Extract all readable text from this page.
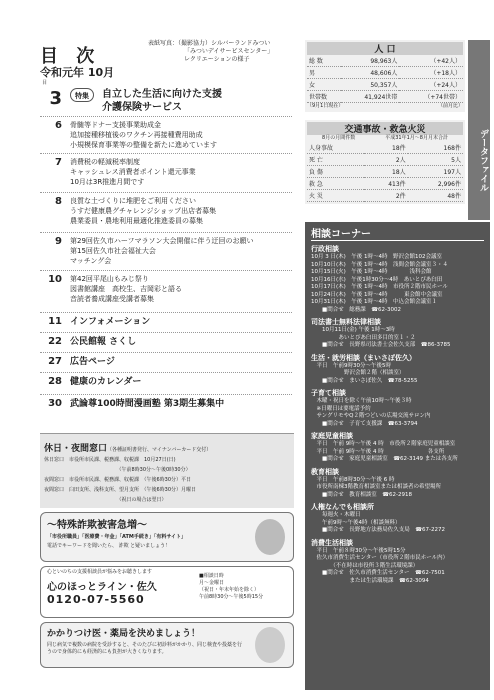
目 次
令和元年 10月
表紙写真：（撮影協力）シルバーランドみつい
「みついデイサービスセンター」
レクリエーションの様子
目
3	特集	自立した生活に向けた支援
介護保険サービス
6	骨髄等ドナー支援事業助成金
追加接種移植後のワクチン再接種費用助成
小規模保育事業等の整備を新たに進めています
7	消費税の軽減税率制度
キャッシュレス消費者ポイント還元事業
10月は3R推進月間です
8	良質な土づくりに堆肥をご利用ください
うすだ健康農グチャレンジショップ出店者募集
農業委員・農地利用最適化推進委員の募集
9	第29回佐久市ハーフマラソン大会開催に伴う迂回のお願い
第15回佐久市社会福祉大会
マッチング会
10	第42回平尾山もみじ祭り
図書館講座　高校生、吉岡彩と語る
音読者養成講座受講者募集
11 インフォメーション
22 公民館報 さくし
27 広告ページ
28 健康のカレンダー
30 武論尊100時間漫画塾 第3期生募集中
休日・夜間窓口（各種証明書発行、マイナンバーカード交付）
休日窓口　市役所市民課、税務課、収税課　10月27日(日)
　　　　　　　　　　　　　　　（午前8時30分〜午後0時30分）
夜間窓口　市役所市民課、税務課、収税課　（午後6時30分）平日
夜間窓口　臼田支所、浅科支所、望月支所　（午後6時30分）月曜日
　　　　　　　　　　　　　　　（祝日の場合は翌日）
〜特殊詐欺被害急増〜
「市役所職員」「医療費・年金」「ATM手続き」「有料サイト」
電話でキーワードを聞いたら、 詐欺 と疑いましょう！
心といのちの支援相談員が悩みをお聴きします
心のほっとライン・佐久
0120-07-5560
■相談日時
月〜金曜日
（祝日・年末年始を除く）
午前8時30分〜午後5時15分
かかりつけ医・薬局を決めましょう！
同じ病気で複数の病院を受診すると、そのたびに初診料がかかり、同じ検査や投薬を行うので身体的にも経済的にも負担が大きくなります。
人 口
総 数	98,963人	（+42人）
男	48,606人	（+18人）
女	50,357人	（+24人）
世帯数	41,924世帯	（+74世帯）
（9月1日現在）	（前月比）
交通事故・救急火災
8月の月間件数	平成31年1月〜8月月末合計
人身事故	18件	168件
死 亡	2人	5人
負 傷	18人	197人
救 急	413件	2,996件
火 災	2件	48件
データファイル
相談コーナー
行政相談
10月 3 日(木)　午後 1時〜4時　野沢会館102会議室
10月10日(木)　午後 1時〜4時　浅間会館会議室３・４
10月15日(火)　午後 1時〜4時　　　　浅科会館
10月16日(水)　午後1時30分〜4時　あいとぴあ臼田
10月17日(木)　午後 1時〜4時　市役所２階市民ホール
10月24日(木)　午後 1時〜4時　　　東会館中会議室
10月31日(木)　午後 1時〜4時　中込会館会議室１
　　■問合せ　総務課　☎62-3002
司法書士無料法律相談
　　10月11日(金) 午後 1時〜3時
　　　　　あいとぴあ臼田多目的室１・２
　　■問合せ　長野県司法書士会佐久支部　☎86-3785
生活・就労相談（まいさぽ佐久）
　平日　午前9時30分〜午後5時
　　　　　　野沢会館２階（相談室）
　　■問合せ　まいさぽ佐久　☎78-5255
子育て相談
　木曜・祝日を除く午前10時〜午後３時
　※日曜日は要電話予約
　サングリモやQ２階つどいの広場交流サロン内
　　■問合せ　子育て支援課　☎63-3794
家庭児童相談
　平日　午前 9時〜午後 4 時　市役所２階家庭児童相談室
　平日　午前 9時〜午後 4 時　　　　　　　　各支所
　　■問合せ　家庭児童相談室　☎62-3149 または各支所
教育相談
　平日　午前8時30分〜午後 6 時
　市役所南棟3階教育相談室または相談者の希望場所
　　■問合せ　教育相談室　☎62-2918
人権なんでも相談所
　　毎週火・木曜日
　　午前9時〜午後4時（相談無料）
　　■問合せ　長野地方法務局佐久支局　☎67-2272
消費生活相談
　平日　午前８時30分〜午後5時15分
　佐久市消費生活センター（市役所２階市民ホール内）
　　　　（不在時は市役所３階生活環境課）
　　■問合せ　佐久市消費生活センター　☎62-7501
　　　　　　　または生活環境課　☎62-3094
